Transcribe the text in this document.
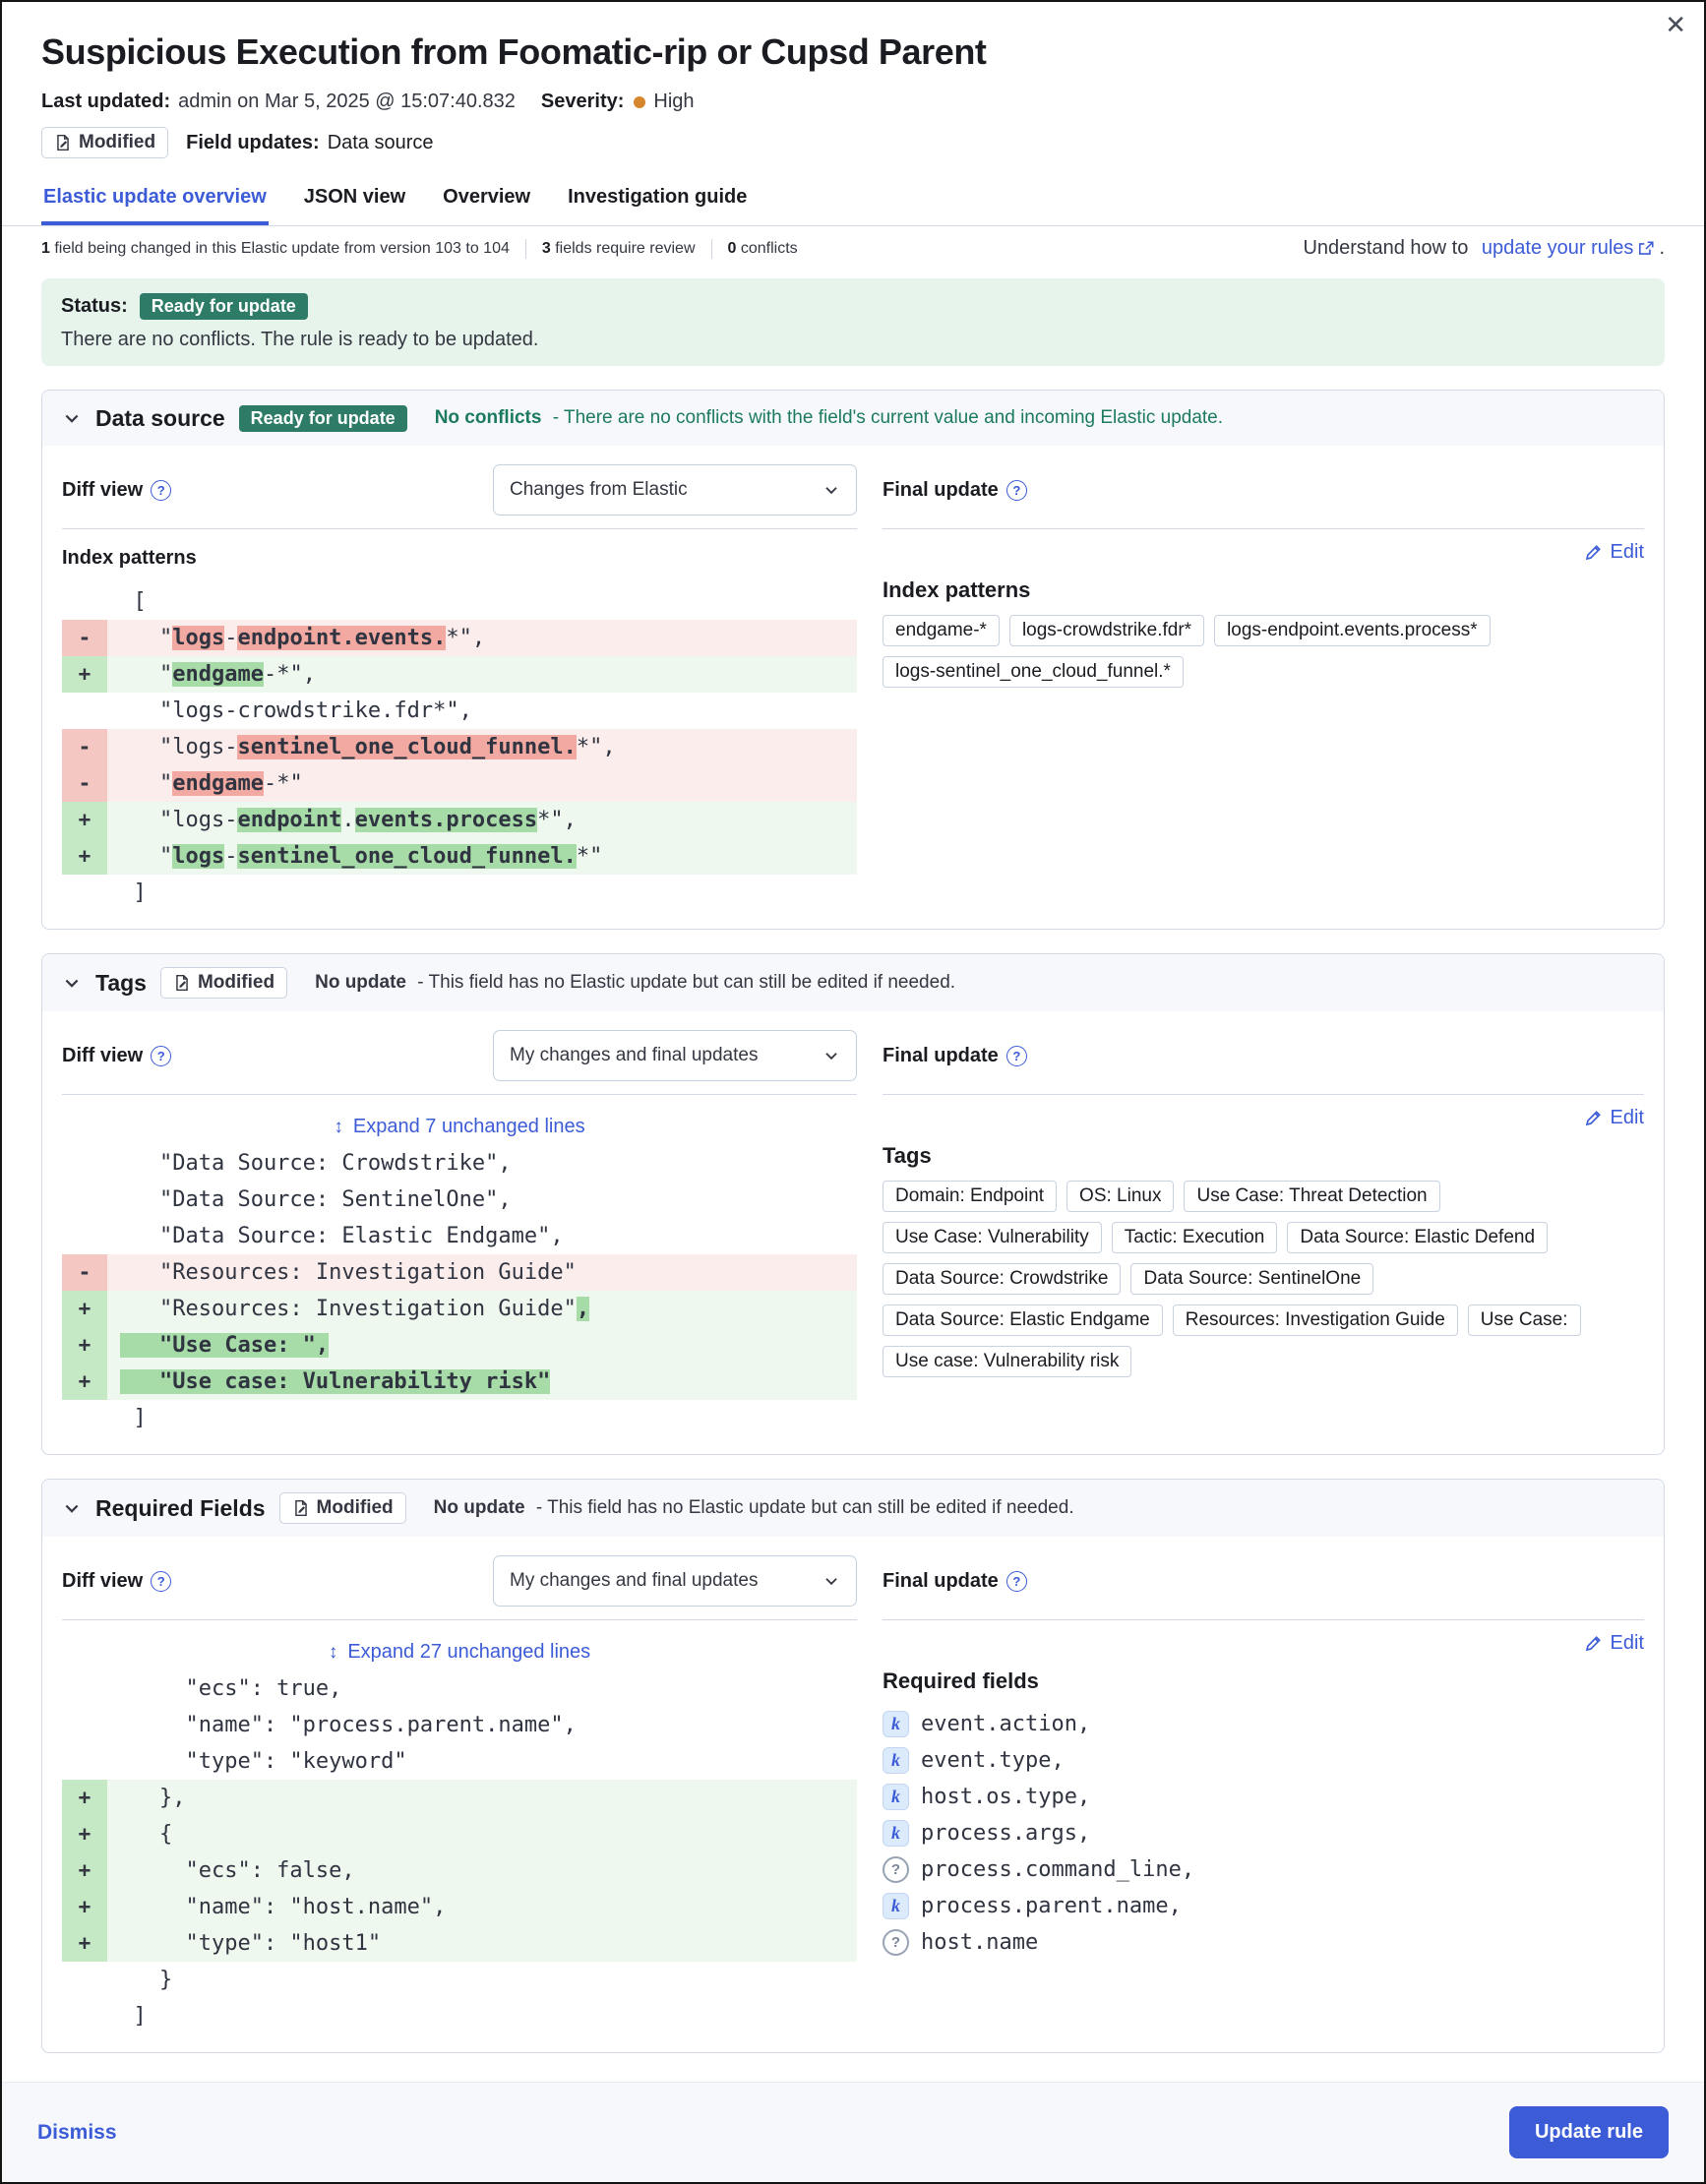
✕
Suspicious Execution from Foomatic-rip or Cupsd Parent
Last updated: admin on Mar 5, 2025 @ 15:07:40.832 Severity: High
Modified Field updates: Data source
Elastic update overview JSON view Overview Investigation guide
1 field being changed in this Elastic update from version 103 to 104 3 fields require review 0 conflicts	Understand how to
update your rules .
Status:	Ready for update
There are no conflicts. The rule is ready to be updated.
Data source	Ready for update	No conflicts - There are no conflicts with the field's current value and incoming Elastic update.
Diff view	?	Changes from Elastic
Index patterns
[
- "logs-endpoint.events.*",
+ "endgame-*",
"logs-crowdstrike.fdr*",
- "logs-sentinel_one_cloud_funnel.*",
- "endgame-*"
+ "logs-endpoint.events.process*",
+ "logs-sentinel_one_cloud_funnel.*"
]
Final update	?
Edit
Index patterns
endgame-*	logs-crowdstrike.fdr*	logs-endpoint.events.process*
logs-sentinel_one_cloud_funnel.*
Tags	Modified No update - This field has no Elastic update but can still be edited if needed.
Diff view	?	My changes and final updates
↕ Expand 7 unchanged lines
"Data Source: Crowdstrike",
"Data Source: SentinelOne",
"Data Source: Elastic Endgame",
- "Resources: Investigation Guide"
+ "Resources: Investigation Guide",
+	"Use Case: ",
+	"Use case: Vulnerability risk"
]
Final update	?
Edit
Tags
Domain: Endpoint	OS: Linux	Use Case: Threat Detection
Use Case: Vulnerability	Tactic: Execution	Data Source: Elastic Defend
Data Source: Crowdstrike	Data Source: SentinelOne
Data Source: Elastic Endgame	Resources: Investigation Guide	Use Case:
Use case: Vulnerability risk
Required Fields	Modified No update - This field has no Elastic update but can still be edited if needed.
Diff view	?	My changes and final updates
↕ Expand 27 unchanged lines
"ecs": true,
"name": "process.parent.name",
"type": "keyword"
+ },
+ {
+ "ecs": false,
+ "name": "host.name",
+ "type": "host1"
}
]
Final update	?
Edit
Required fields
k event.action,
k event.type,
k host.os.type,
k process.args,
? process.command_line,
k process.parent.name,
? host.name
Dismiss	Update rule
